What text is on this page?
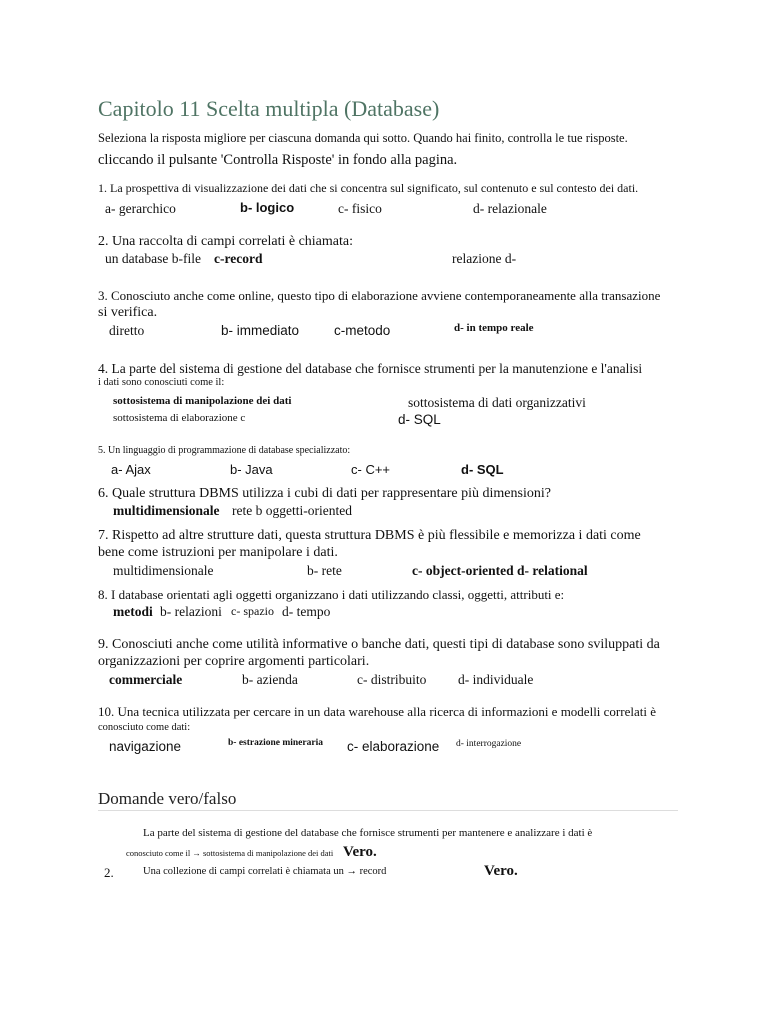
Capitolo 11 Scelta multipla (Database)
Seleziona la risposta migliore per ciascuna domanda qui sotto. Quando hai finito, controlla le tue risposte.
cliccando il pulsante 'Controlla Risposte' in fondo alla pagina.
1. La prospettiva di visualizzazione dei dati che si concentra sul significato, sul contenuto e sul contesto dei dati.
a- gerarchico	b- logico	c- fisico	d- relazionale
2. Una raccolta di campi correlati è chiamata:
un database b-file c-record	relazione d-
3. Conosciuto anche come online, questo tipo di elaborazione avviene contemporaneamente alla transazione
si verifica.
diretto	b- immediato	c-metodo	d- in tempo reale
4. La parte del sistema di gestione del database che fornisce strumenti per la manutenzione e l'analisi
i dati sono conosciuti come il:
sottosistema di manipolazione dei dati	sottosistema di dati organizzativi
sottosistema di elaborazione c	d- SQL
5. Un linguaggio di programmazione di database specializzato:
a- Ajax	b- Java	c- C++	d- SQL
6. Quale struttura DBMS utilizza i cubi di dati per rappresentare più dimensioni?
multidimensionale rete b oggetti-oriented
7. Rispetto ad altre strutture dati, questa struttura DBMS è più flessibile e memorizza i dati come
bene come istruzioni per manipolare i dati.
multidimensionale	b- rete	c- object-oriented d- relational
8. I database orientati agli oggetti organizzano i dati utilizzando classi, oggetti, attributi e:
metodi b- relazioni c- spazio d- tempo
9. Conosciuti anche come utilità informative o banche dati, questi tipi di database sono sviluppati da
organizzazioni per coprire argomenti particolari.
commerciale	b- azienda	c- distribuito d- individuale
10. Una tecnica utilizzata per cercare in un data warehouse alla ricerca di informazioni e modelli correlati è
conosciuto come dati:
navigazione	b- estrazione mineraria c- elaborazione d- interrogazione
Domande vero/falso
La parte del sistema di gestione del database che fornisce strumenti per mantenere e analizzare i dati è
conosciuto come il → sottosistema di manipolazione dei dati Vero.
2.	Una collezione di campi correlati è chiamata un → record	Vero.
